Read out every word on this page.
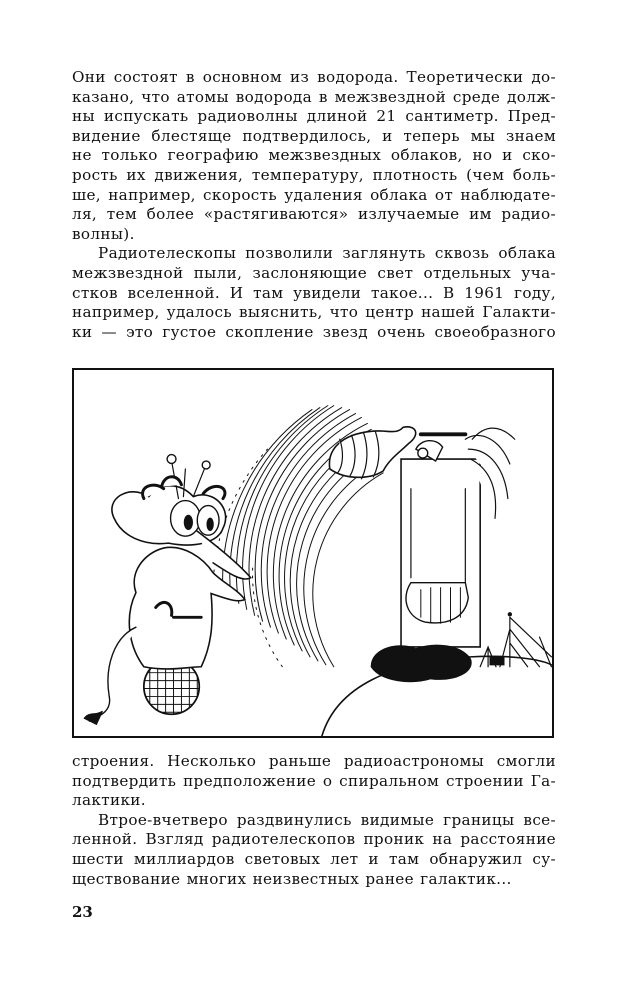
Они состоят в основном из водорода. Теоретически до-
казано, что атомы водорода в межзвездной среде долж-
ны испускать радиоволны длиной 21 сантиметр. Пред-
видение блестяще подтвердилось, и теперь мы знаем
не только географию межзвездных облаков, но и ско-
рость их движения, температуру, плотность (чем боль-
ше, например, скорость удаления облака от наблюдате-
ля, тем более «растягиваются» излучаемые им радио-
волны).
Радиотелескопы позволили заглянуть сквозь облака
межзвездной пыли, заслоняющие свет отдельных уча-
стков вселенной. И там увидели такое... В 1961 году,
например, удалось выяснить, что центр нашей Галакти-
ки — это густое скопление звезд очень своеобразного
строения. Несколько раньше радиоастрономы смогли
подтвердить предположение о спиральном строении Га-
лактики.
Втрое-вчетверо раздвинулись видимые границы все-
ленной. Взгляд радиотелескопов проник на расстояние
шести миллиардов световых лет и там обнаружил су-
ществование многих неизвестных ранее галактик...
23
